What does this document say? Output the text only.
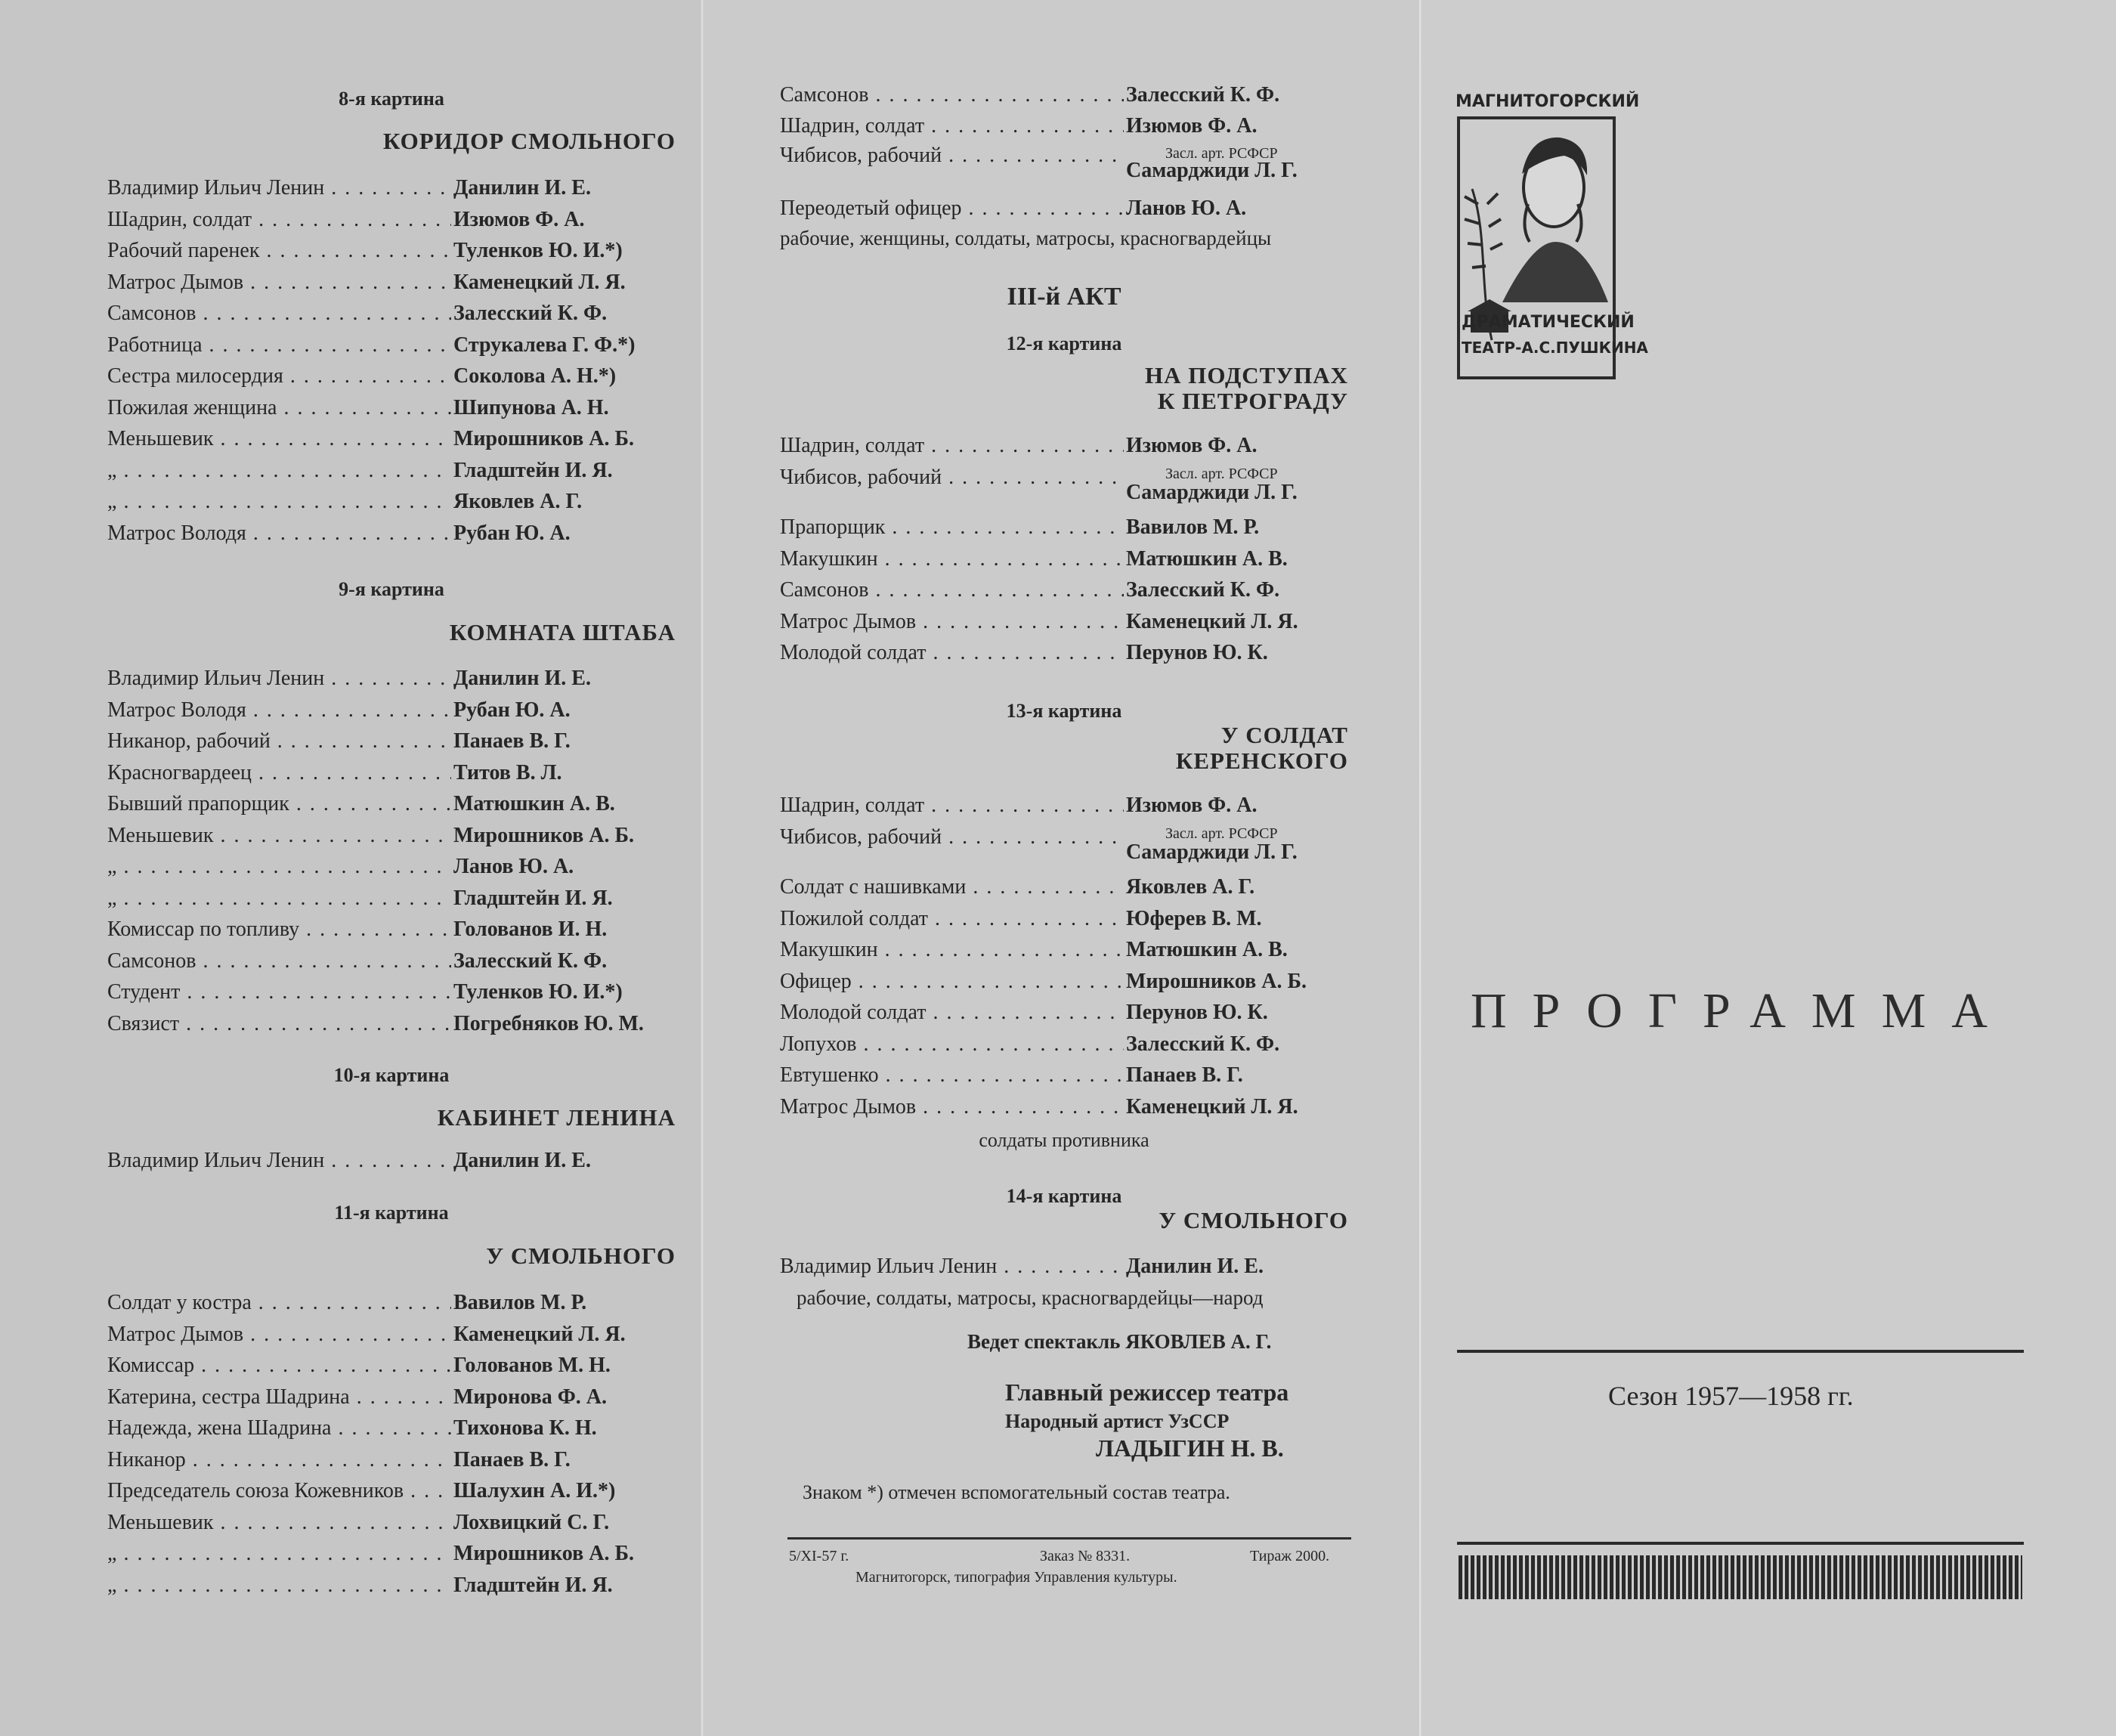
8-я картина
КОРИДОР СМОЛЬНОГО
Владимир Ильич Ленин . . .	Данилин И. Е.
Шадрин, солдат . . .	Изюмов Ф. А.
Рабочий паренек . . .	Туленков Ю. И.*)
Матрос Дымов . . .	Каменецкий Л. Я.
Самсонов . . .	Залесский К. Ф.
Работница . . .	Струкалева Г. Ф.*)
Сестра милосердия . . .	Соколова А. Н.*)
Пожилая женщина . . .	Шипунова А. Н.
Меньшевик . . .	Мирошников А. Б.
„ . . .	Гладштейн И. Я.
„ . . .	Яковлев А. Г.
Матрос Володя . . .	Рубан Ю. А.
9-я картина
КОМНАТА ШТАБА
Владимир Ильич Ленин . . .	Данилин И. Е.
Матрос Володя . . .	Рубан Ю. А.
Никанор, рабочий . . .	Панаев В. Г.
Красногвардеец . . .	Титов В. Л.
Бывший прапорщик . . .	Матюшкин А. В.
Меньшевик . . .	Мирошников А. Б.
„ . . .	Ланов Ю. А.
„ . . .	Гладштейн И. Я.
Комиссар по топливу . . .	Голованов И. Н.
Самсонов . . .	Залесский К. Ф.
Студент . . .	Туленков Ю. И.*)
Связист . . .	Погребняков Ю. М.
10-я картина
КАБИНЕТ ЛЕНИНА
Владимир Ильич Ленин . . .	Данилин И. Е.
11-я картина
У СМОЛЬНОГО
Солдат у костра . . .	Вавилов М. Р.
Матрос Дымов . . .	Каменецкий Л. Я.
Комиссар . . .	Голованов М. Н.
Катерина, сестра Шадрина . . .	Миронова Ф. А.
Надежда, жена Шадрина . . .	Тихонова К. Н.
Никанор . . .	Панаев В. Г.
Председатель союза Кожевников . . .	Шалухин А. И.*)
Меньшевик . . .	Лохвицкий С. Г.
„ . . .	Мирошников А. Б.
„ . . .	Гладштейн И. Я.
Самсонов . . .	Залесский К. Ф.
Шадрин, солдат . . .	Изюмов Ф. А.
Чибисов, рабочий . . .	Засл. арт. РСФСР
Самарджиди Л. Г.
Переодетый офицер . . .	Ланов Ю. А.
рабочие, женщины, солдаты, матросы, красногвардейцы
III-й АКТ
12-я картина
НА ПОДСТУПАХ
К ПЕТРОГРАДУ
Шадрин, солдат . . .	Изюмов Ф. А.
Чибисов, рабочий . . .	Засл. арт. РСФСР
Самарджиди Л. Г.
Прапорщик . . .	Вавилов М. Р.
Макушкин . . .	Матюшкин А. В.
Самсонов . . .	Залесский К. Ф.
Матрос Дымов . . .	Каменецкий Л. Я.
Молодой солдат . . .	Перунов Ю. К.
13-я картина
У СОЛДАТ
КЕРЕНСКОГО
Шадрин, солдат . . .	Изюмов Ф. А.
Чибисов, рабочий . . .	Засл. арт. РСФСР
Самарджиди Л. Г.
Солдат с нашивками . . .	Яковлев А. Г.
Пожилой солдат . . .	Юферев В. М.
Макушкин . . .	Матюшкин А. В.
Офицер . . .	Мирошников А. Б.
Молодой солдат . . .	Перунов Ю. К.
Лопухов . . .	Залесский К. Ф.
Евтушенко . . .	Панаев В. Г.
Матрос Дымов . . .	Каменецкий Л. Я.
солдаты противника
14-я картина
У СМОЛЬНОГО
Владимир Ильич Ленин . . .	Данилин И. Е.
рабочие, солдаты, матросы, красногвардейцы—народ
Ведет спектакль ЯКОВЛЕВ А. Г.
Главный режиссер театра
Народный артист УзССР
ЛАДЫГИН Н. В.
Знаком *) отмечен вспомогательный состав театра.
5/XI-57 г.	Заказ № 8331.	Тираж 2000.
Магнитогорск, типография Управления культуры.
МАГНИТОГОРСКИЙ
ДРАМАТИЧЕСКИЙ
ТЕАТР-А.С.ПУШКИНА
ПРОГРАММА
Сезон 1957—1958 гг.
